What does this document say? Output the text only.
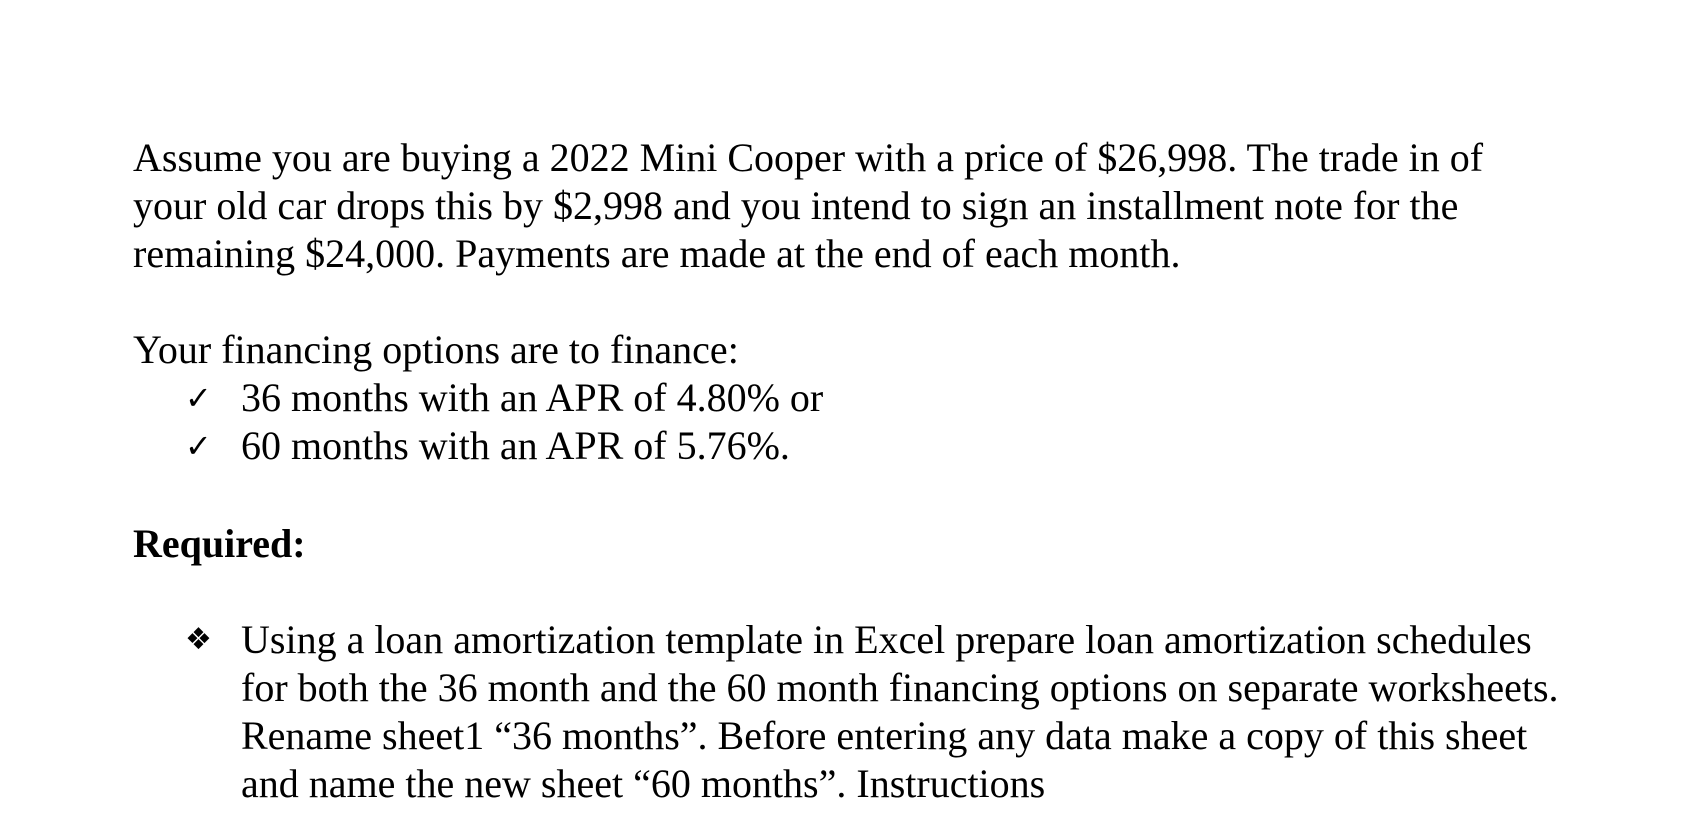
Assume you are buying a 2022 Mini Cooper with a price of $26,998. The trade in of your old car drops this by $2,998 and you intend to sign an installment note for the remaining $24,000. Payments are made at the end of each month.

Your financing options are to finance:

✓ 36 months with an APR of 4.80% or
✓ 60 months with an APR of 5.76%.

Required:

❖ Using a loan amortization template in Excel prepare loan amortization schedules for both the 36 month and the 60 month financing options on separate worksheets. Rename sheet1 “36 months”. Before entering any data make a copy of this sheet and name the new sheet “60 months”. Instructions
